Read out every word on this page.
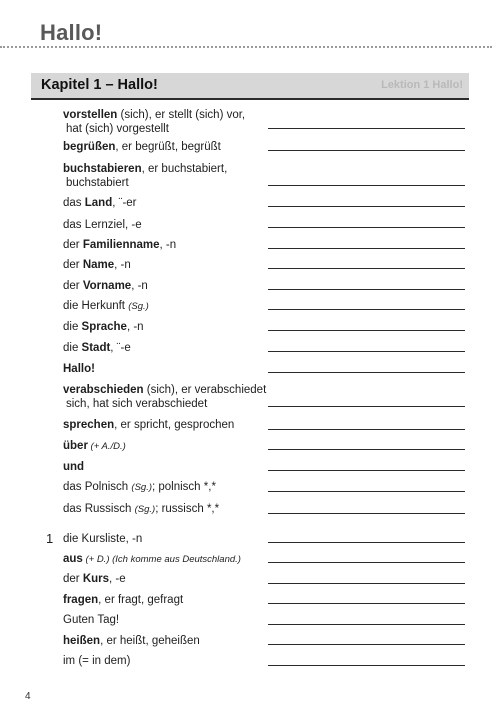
Hallo!
Kapitel 1 – Hallo!	Lektion 1 Hallo!
vorstellen (sich), er stellt (sich) vor,
hat (sich) vorgestellt
begrüßen, er begrüßt, begrüßt
buchstabieren, er buchstabiert,
buchstabiert
das Land, ¨-er
das Lernziel, -e
der Familienname, -n
der Name, -n
der Vorname, -n
die Herkunft (Sg.)
die Sprache, -n
die Stadt, ¨-e
Hallo!
verabschieden (sich), er verabschiedet
sich, hat sich verabschiedet
sprechen, er spricht, gesprochen
über (+ A./D.)
und
das Polnisch (Sg.); polnisch *,*
das Russisch (Sg.); russisch *,*
die Kursliste, -n
aus (+ D.) (Ich komme aus Deutschland.)
der Kurs, -e
fragen, er fragt, gefragt
Guten Tag!
heißen, er heißt, geheißen
im (= in dem)
1
4
